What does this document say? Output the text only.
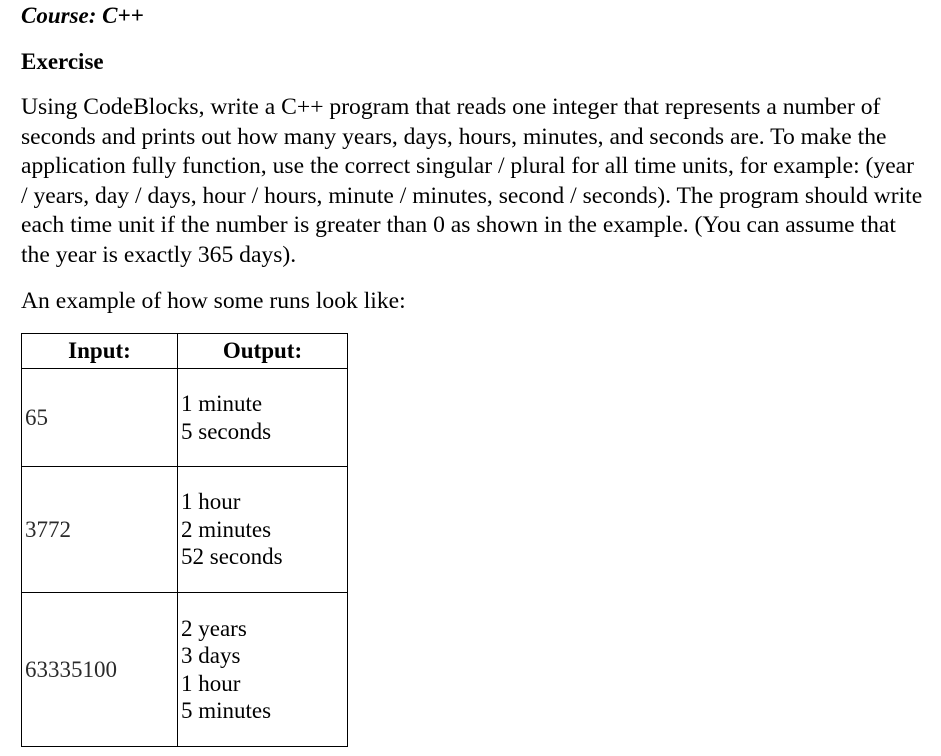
Course: C++
Exercise
Using CodeBlocks, write a C++ program that reads one integer that represents a number of seconds and prints out how many years, days, hours, minutes, and seconds are. To make the application fully function, use the correct singular / plural for all time units, for example: (year / years, day / days, hour / hours, minute / minutes, second / seconds). The program should write each time unit if the number is greater than 0 as shown in the example. (You can assume that the year is exactly 365 days).
An example of how some runs look like:
Input:	Output:
65	1 minute
5 seconds

3772	1 hour
2 minutes
52 seconds

63335100	2 years
3 days
1 hour
5 minutes
